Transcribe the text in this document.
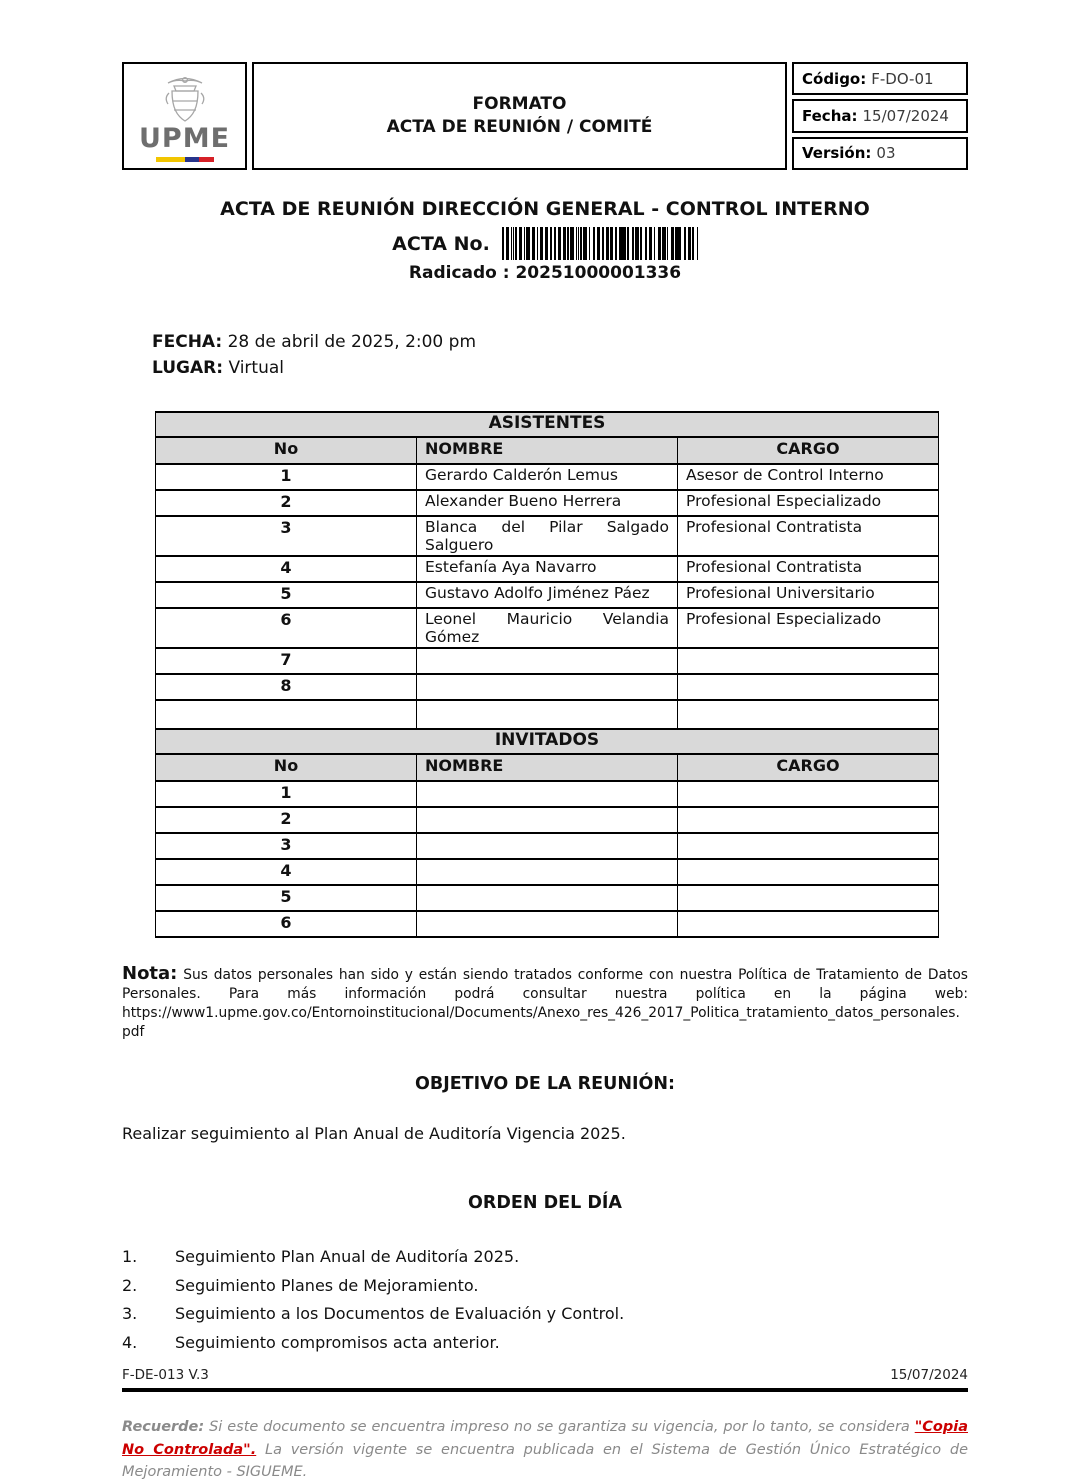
UPME
FORMATO
ACTA DE REUNIÓN / COMITÉ
Código: F-DO-01
Fecha: 15/07/2024
Versión: 03
ACTA DE REUNIÓN DIRECCIÓN GENERAL - CONTROL INTERNO
ACTA No.
Radicado : 20251000001336
FECHA: 28 de abril de 2025, 2:00 pm
LUGAR: Virtual
ASISTENTES		
No	NOMBRE	CARGO
1	Gerardo Calderón Lemus	Asesor de Control Interno
2	Alexander Bueno Herrera	Profesional Especializado
3	Blanca del Pilar Salgado Salguero	Profesional Contratista
4	Estefanía Aya Navarro	Profesional Contratista
5	Gustavo Adolfo Jiménez Páez	Profesional Universitario
6	Leonel Mauricio Velandia Gómez	Profesional Especializado
7		
8		

INVITADOS		
No	NOMBRE	CARGO
1		
2		
3		
4		
5		
6		

Nota: Sus datos personales han sido y están siendo tratados conforme con nuestra Política de Tratamiento de Datos Personales. Para más información podrá consultar nuestra política en la página web: https://www1.upme.gov.co/Entornoinstitucional/Documents/Anexo_res_426_2017_Politica_tratamiento_datos_personales.pdf

OBJETIVO DE LA REUNIÓN:

Realizar seguimiento al Plan Anual de Auditoría Vigencia 2025.

ORDEN DEL DÍA
1.	Seguimiento Plan Anual de Auditoría 2025.
2.	Seguimiento Planes de Mejoramiento.
3.	Seguimiento a los Documentos de Evaluación y Control.
4.	Seguimiento compromisos acta anterior.
F-DE-013 V.3	15/07/2024

Recuerde: Si este documento se encuentra impreso no se garantiza su vigencia, por lo tanto, se considera "Copia No Controlada". La versión vigente se encuentra publicada en el Sistema de Gestión Único Estratégico de Mejoramiento - SIGUEME.
